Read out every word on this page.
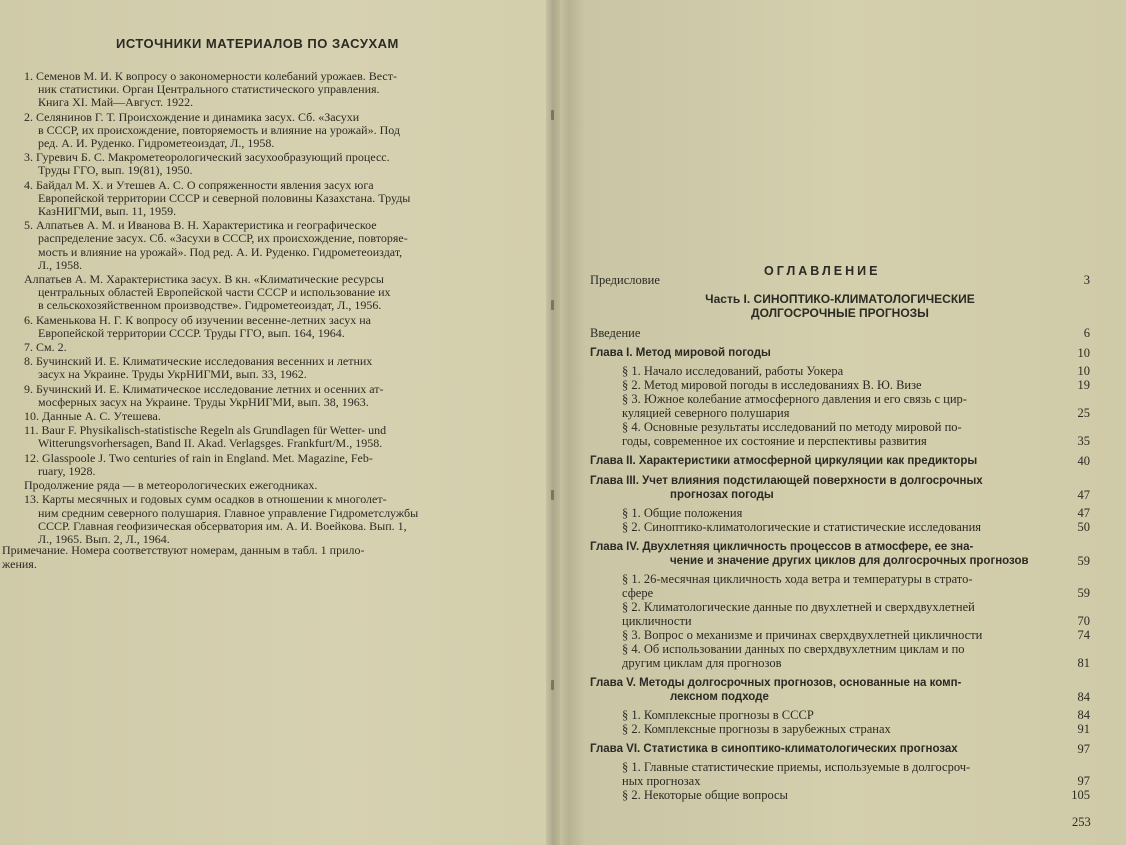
ИСТОЧНИКИ МАТЕРИАЛОВ ПО ЗАСУХАМ
1. Семенов М. И. К вопросу о закономерности колебаний урожаев. Вест-
ник статистики. Орган Центрального статистического управления.
Книга XI. Май—Август. 1922.
2. Селянинов Г. Т. Происхождение и динамика засух. Сб. «Засухи
в СССР, их происхождение, повторяемость и влияние на урожай». Под
ред. А. И. Руденко. Гидрометеоиздат, Л., 1958.
3. Гуревич Б. С. Макрометеорологический засухообразующий процесс.
Труды ГГО, вып. 19(81), 1950.
4. Байдал М. Х. и Утешев А. С. О сопряженности явления засух юга
Европейской территории СССР и северной половины Казахстана. Труды
КазНИГМИ, вып. 11, 1959.
5. Алпатьев А. М. и Иванова В. Н. Характеристика и географическое
распределение засух. Сб. «Засухи в СССР, их происхождение, повторяе-
мость и влияние на урожай». Под ред. А. И. Руденко. Гидрометеоиздат,
Л., 1958.
Алпатьев А. М. Характеристика засух. В кн. «Климатические ресурсы
центральных областей Европейской части СССР и использование их
в сельскохозяйственном производстве». Гидрометеоиздат, Л., 1956.
6. Каменькова Н. Г. К вопросу об изучении весенне-летних засух на
Европейской территории СССР. Труды ГГО, вып. 164, 1964.
7. См. 2.
8. Бучинский И. Е. Климатические исследования весенних и летних
засух на Украине. Труды УкрНИГМИ, вып. 33, 1962.
9. Бучинский И. Е. Климатическое исследование летних и осенних ат-
мосферных засух на Украине. Труды УкрНИГМИ, вып. 38, 1963.
10. Данные А. С. Утешева.
11. Baur F. Physikalisch-statistische Regeln als Grundlagen für Wetter- und
Witterungsvorhersagen, Band II. Akad. Verlagsges. Frankfurt/M., 1958.
12. Glasspoole J. Two centuries of rain in England. Met. Magazine, Feb-
ruary, 1928.
Продолжение ряда — в метеорологических ежегодниках.
13. Карты месячных и годовых сумм осадков в отношении к многолет-
ним средним северного полушария. Главное управление Гидрометслужбы
СССР. Главная геофизическая обсерватория им. А. И. Воейкова. Вып. 1,
Л., 1965. Вып. 2, Л., 1964.
Примечание. Номера соответствуют номерам, данным в табл. 1 прило-
жения.
ОГЛАВЛЕНИЕ
Предисловие	3
Часть I. СИНОПТИКО-КЛИМАТОЛОГИЧЕСКИЕ
ДОЛГОСРОЧНЫЕ ПРОГНОЗЫ
Введение	6
Глава I. Метод мировой погоды	10
§ 1. Начало исследований, работы Уокера	10
§ 2. Метод мировой погоды в исследованиях В. Ю. Визе	19
§ 3. Южное колебание атмосферного давления и его связь с цир-
куляцией северного полушария	25
§ 4. Основные результаты исследований по методу мировой по-
годы, современное их состояние и перспективы развития	35
Глава II. Характеристики атмосферной циркуляции как предикторы	40
Глава III. Учет влияния подстилающей поверхности в долгосрочных
прогнозах погоды	47
§ 1. Общие положения	47
§ 2. Синоптико-климатологические и статистические исследования	50
Глава IV. Двухлетняя цикличность процессов в атмосфере, ее зна-
чение и значение других циклов для долгосрочных прогнозов	59
§ 1. 26-месячная цикличность хода ветра и температуры в страто-
сфере	59
§ 2. Климатологические данные по двухлетней и сверхдвухлетней
цикличности	70
§ 3. Вопрос о механизме и причинах сверхдвухлетней цикличности	74
§ 4. Об использовании данных по сверхдвухлетним циклам и по
другим циклам для прогнозов	81
Глава V. Методы долгосрочных прогнозов, основанные на комп-
лексном подходе	84
§ 1. Комплексные прогнозы в СССР	84
§ 2. Комплексные прогнозы в зарубежных странах	91
Глава VI. Статистика в синоптико-климатологических прогнозах	97
§ 1. Главные статистические приемы, используемые в долгосроч-
ных прогнозах	97
§ 2. Некоторые общие вопросы	105
253
